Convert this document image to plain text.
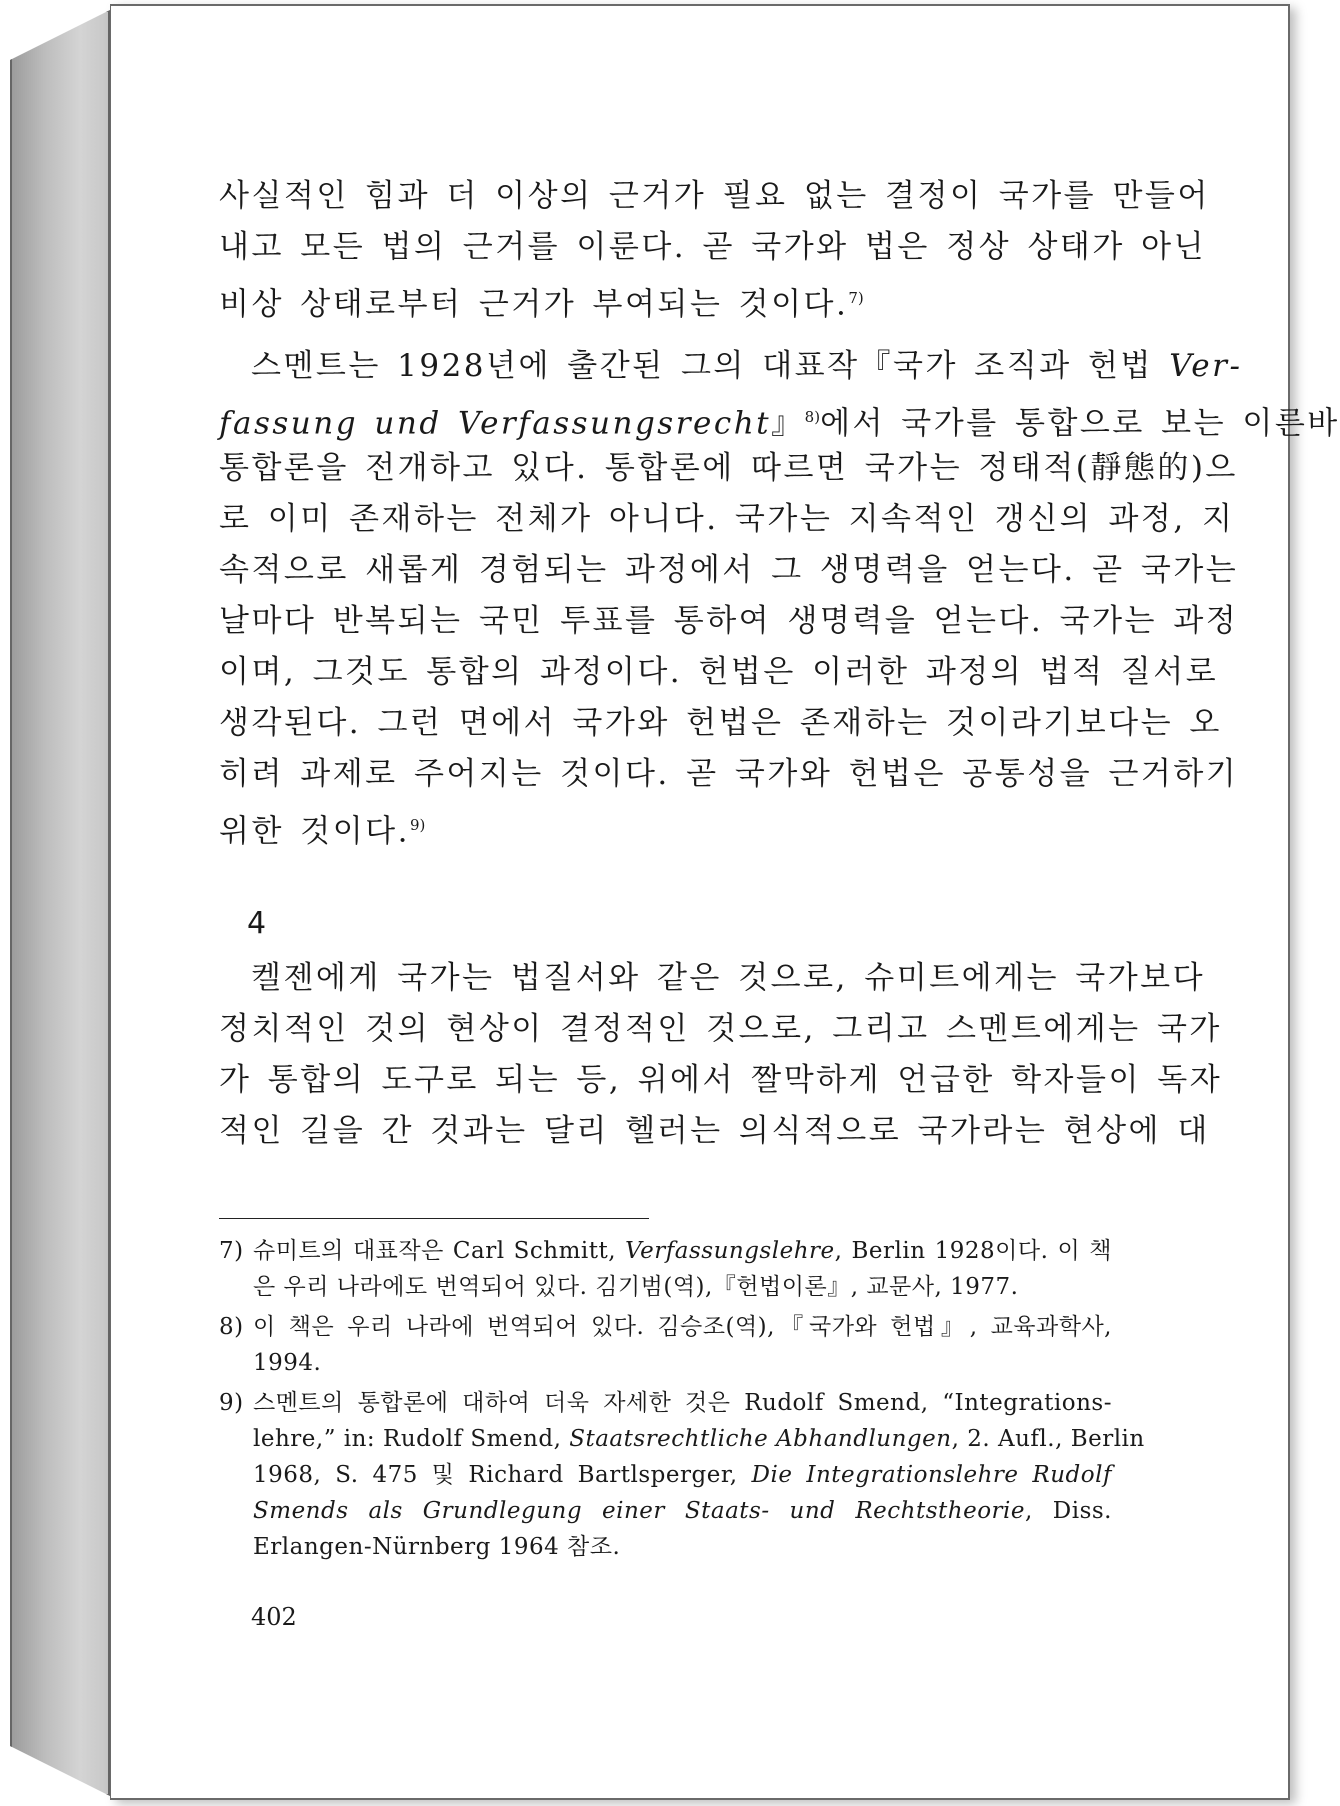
사실적인 힘과 더 이상의 근거가 필요 없는 결정이 국가를 만들어
내고 모든 법의 근거를 이룬다. 곧 국가와 법은 정상 상태가 아닌
비상 상태로부터 근거가 부여되는 것이다.$^{7)}$
스멘트는 1928년에 출간된 그의 대표작『국가 조직과 헌법 Ver-
fassung und Verfassungsrecht』$^{8)}$에서 국가를 통합으로 보는 이른바
통합론을 전개하고 있다. 통합론에 따르면 국가는 정태적(靜態的)으
로 이미 존재하는 전체가 아니다. 국가는 지속적인 갱신의 과정, 지
속적으로 새롭게 경험되는 과정에서 그 생명력을 얻는다. 곧 국가는
날마다 반복되는 국민 투표를 통하여 생명력을 얻는다. 국가는 과정
이며, 그것도 통합의 과정이다. 헌법은 이러한 과정의 법적 질서로
생각된다. 그런 면에서 국가와 헌법은 존재하는 것이라기보다는 오
히려 과제로 주어지는 것이다. 곧 국가와 헌법은 공통성을 근거하기
위한 것이다.$^{9)}$
4
켈젠에게 국가는 법질서와 같은 것으로, 슈미트에게는 국가보다
정치적인 것의 현상이 결정적인 것으로, 그리고 스멘트에게는 국가
가 통합의 도구로 되는 등, 위에서 짤막하게 언급한 학자들이 독자
적인 길을 간 것과는 달리 헬러는 의식적으로 국가라는 현상에 대
7) 슈미트의 대표작은 Carl Schmitt, Verfassungslehre, Berlin 1928이다. 이 책
은 우리 나라에도 번역되어 있다. 김기범(역),『헌법이론』, 교문사, 1977.
8) 이 책은 우리 나라에 번역되어 있다. 김승조(역),『국가와 헌법』, 교육과학사,
1994.
9) 스멘트의 통합론에 대하여 더욱 자세한 것은 Rudolf Smend, “Integrations-
lehre,” in: Rudolf Smend, Staatsrechtliche Abhandlungen, 2. Aufl., Berlin
1968, S. 475 및 Richard Bartlsperger, Die Integrationslehre Rudolf
Smends als Grundlegung einer Staats- und Rechtstheorie, Diss.
Erlangen-Nürnberg 1964 참조.
402
